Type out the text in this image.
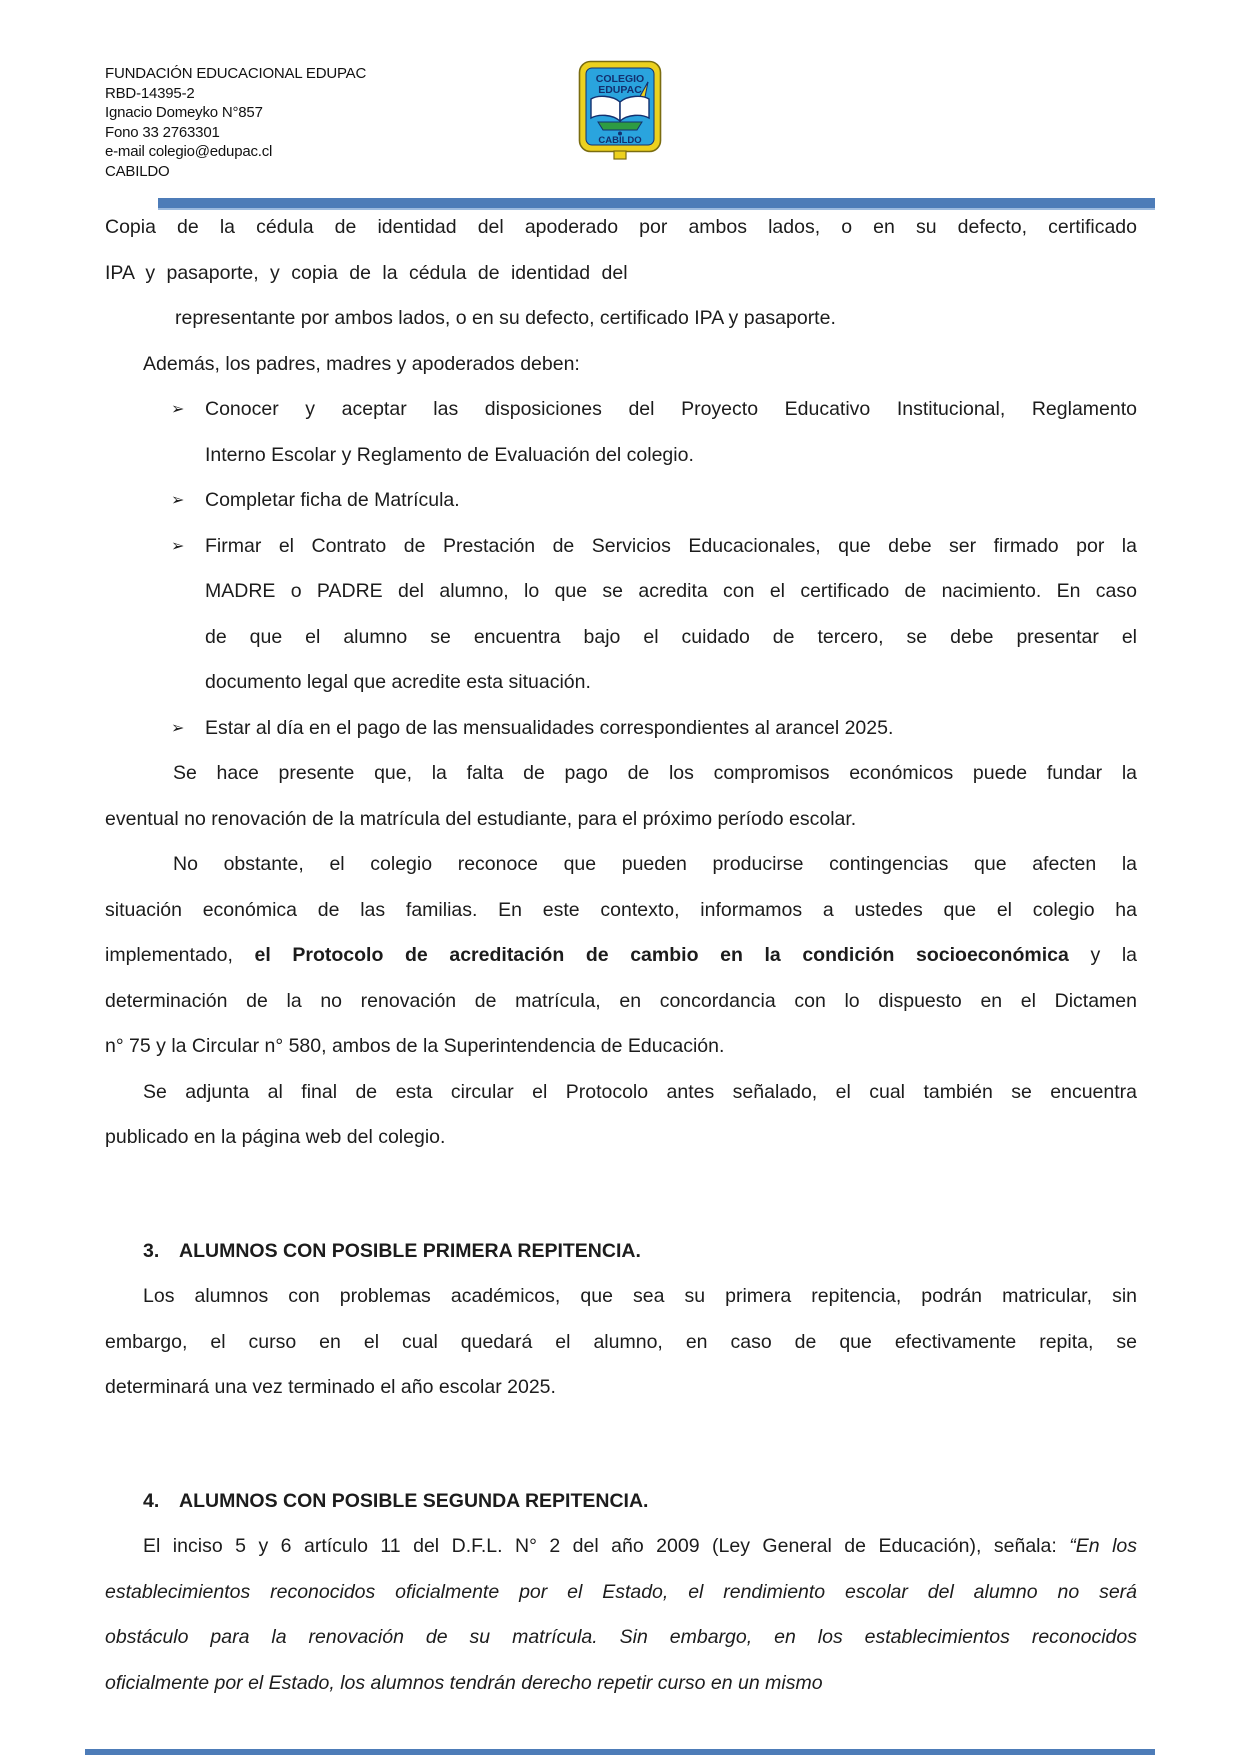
FUNDACIÓN EDUCACIONAL EDUPAC
RBD-14395-2
Ignacio Domeyko N°857
Fono 33 2763301
e-mail colegio@edupac.cl
CABILDO
COLEGIO
EDUPAC
CABILDO
Copia de la cédula de identidad del apoderado por ambos lados, o en su defecto, certificado
IPA y pasaporte, y copia de la cédula de identidad del
representante por ambos lados, o en su defecto, certificado IPA y pasaporte.
Además, los padres, madres y apoderados deben:
➢ Conocer y aceptar las disposiciones del Proyecto Educativo Institucional, Reglamento
Interno Escolar y Reglamento de Evaluación del colegio.
➢ Completar ficha de Matrícula.
➢ Firmar el Contrato de Prestación de Servicios Educacionales, que debe ser firmado por la
MADRE o PADRE del alumno, lo que se acredita con el certificado de nacimiento. En caso
de que el alumno se encuentra bajo el cuidado de tercero, se debe presentar el
documento legal que acredite esta situación.
➢ Estar al día en el pago de las mensualidades correspondientes al arancel 2025.
Se hace presente que, la falta de pago de los compromisos económicos puede fundar la
eventual no renovación de la matrícula del estudiante, para el próximo período escolar.
No obstante, el colegio reconoce que pueden producirse contingencias que afecten la
situación económica de las familias. En este contexto, informamos a ustedes que el colegio ha
implementado, el Protocolo de acreditación de cambio en la condición socioeconómica y la
determinación de la no renovación de matrícula, en concordancia con lo dispuesto en el Dictamen
n° 75 y la Circular n° 580, ambos de la Superintendencia de Educación.
Se adjunta al final de esta circular el Protocolo antes señalado, el cual también se encuentra
publicado en la página web del colegio.
3. ALUMNOS CON POSIBLE PRIMERA REPITENCIA.
Los alumnos con problemas académicos, que sea su primera repitencia, podrán matricular, sin
embargo, el curso en el cual quedará el alumno, en caso de que efectivamente repita, se
determinará una vez terminado el año escolar 2025.
4. ALUMNOS CON POSIBLE SEGUNDA REPITENCIA.
El inciso 5 y 6 artículo 11 del D.F.L. N° 2 del año 2009 (Ley General de Educación), señala: “En los
establecimientos reconocidos oficialmente por el Estado, el rendimiento escolar del alumno no será
obstáculo para la renovación de su matrícula. Sin embargo, en los establecimientos reconocidos
oficialmente por el Estado, los alumnos tendrán derecho repetir curso en un mismo
